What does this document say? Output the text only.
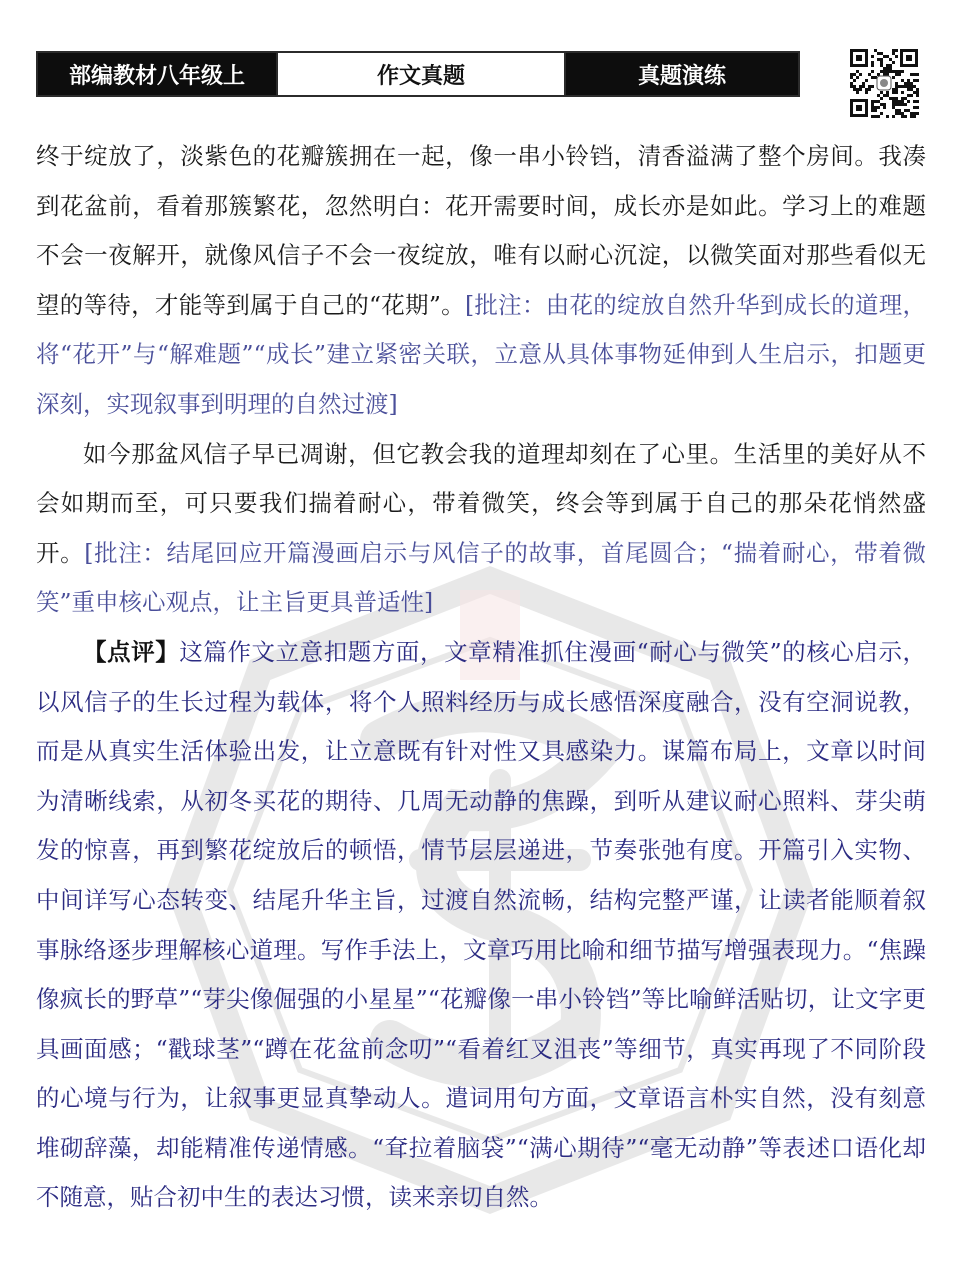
部编教材八年级上	作文真题	真题演练

终于绽放了，淡紫色的花瓣簇拥在一起，像一串小铃铛，清香溢满了整个房间。我凑到花盆前，看着那簇繁花，忽然明白：花开需要时间，成长亦是如此。学习上的难题不会一夜解开，就像风信子不会一夜绽放，唯有以耐心沉淀，以微笑面对那些看似无望的等待，才能等到属于自己的“花期”。[批注：由花的绽放自然升华到成长的道理，将“花开”与“解难题”“成长”建立紧密关联，立意从具体事物延伸到人生启示，扣题更深刻，实现叙事到明理的自然过渡]

如今那盆风信子早已凋谢，但它教会我的道理却刻在了心里。生活里的美好从不会如期而至，可只要我们揣着耐心，带着微笑，终会等到属于自己的那朵花悄然盛开。[批注：结尾回应开篇漫画启示与风信子的故事，首尾圆合；“揣着耐心，带着微笑”重申核心观点，让主旨更具普适性]

【点评】这篇作文立意扣题方面，文章精准抓住漫画“耐心与微笑”的核心启示，以风信子的生长过程为载体，将个人照料经历与成长感悟深度融合，没有空洞说教，而是从真实生活体验出发，让立意既有针对性又具感染力。谋篇布局上，文章以时间为清晰线索，从初冬买花的期待、几周无动静的焦躁，到听从建议耐心照料、芽尖萌发的惊喜，再到繁花绽放后的顿悟，情节层层递进，节奏张弛有度。开篇引入实物、中间详写心态转变、结尾升华主旨，过渡自然流畅，结构完整严谨，让读者能顺着叙事脉络逐步理解核心道理。写作手法上，文章巧用比喻和细节描写增强表现力。“焦躁像疯长的野草”“芽尖像倔强的小星星”“花瓣像一串小铃铛”等比喻鲜活贴切，让文字更具画面感；“戳球茎”“蹲在花盆前念叨”“看着红叉沮丧”等细节，真实再现了不同阶段的心境与行为，让叙事更显真挚动人。遣词用句方面，文章语言朴实自然，没有刻意堆砌辞藻，却能精准传递情感。“耷拉着脑袋”“满心期待”“毫无动静”等表述口语化却不随意，贴合初中生的表达习惯，读来亲切自然。
